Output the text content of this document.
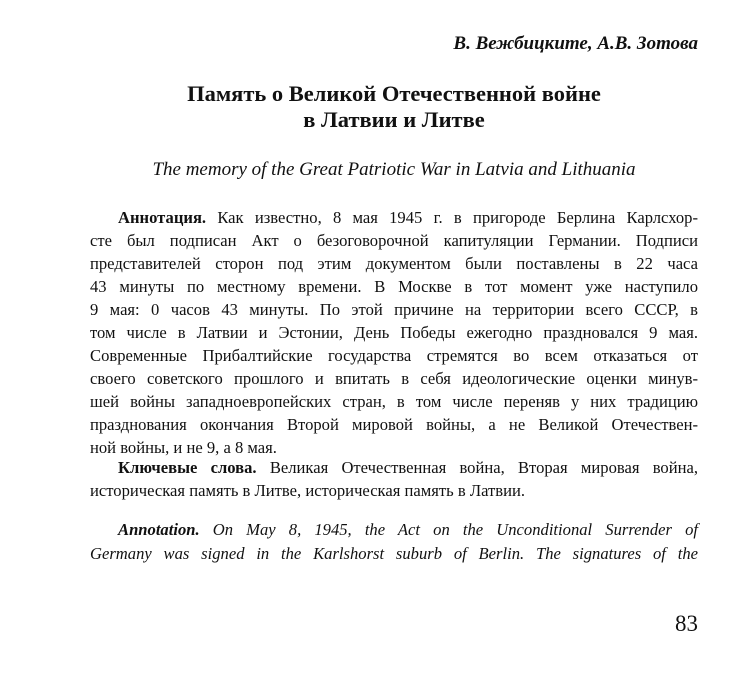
В. Вежбицките, А.В. Зотова

Память о Великой Отечественной войне
в Латвии и Литве

The memory of the Great Patriotic War in Latvia and Lithuania

Аннотация. Как известно, 8 мая 1945 г. в пригороде Берлина Карлсхор-
сте был подписан Акт о безоговорочной капитуляции Германии. Подписи
представителей сторон под этим документом были поставлены в 22 часа
43 минуты по местному времени. В Москве в тот момент уже наступило
9 мая: 0 часов 43 минуты. По этой причине на территории всего СССР, в
том числе в Латвии и Эстонии, День Победы ежегодно праздновался 9 мая.
Современные Прибалтийские государства стремятся во всем отказаться от
своего советского прошлого и впитать в себя идеологические оценки минув-
шей войны западноевропейских стран, в том числе переняв у них традицию
празднования окончания Второй мировой войны, а не Великой Отечествен-
ной войны, и не 9, а 8 мая.
Ключевые слова. Великая Отечественная война, Вторая мировая война,
историческая память в Литве, историческая память в Латвии.
Annotation. On May 8, 1945, the Act on the Unconditional Surrender of
Germany was signed in the Karlshorst suburb of Berlin. The signatures of the

83
